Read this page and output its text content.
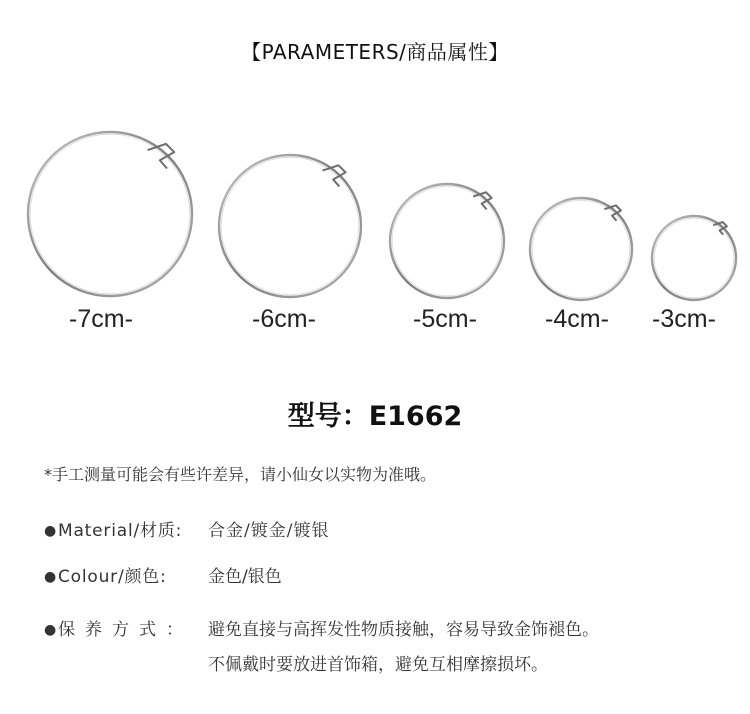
【PARAMETERS/商品属性】
-7cm-	-6cm-	-5cm-	-4cm- -3cm-
型号：E1662
*手工测量可能会有些许差异，请小仙女以实物为准哦。
● Material/材质: 合金/镀金/镀银
● Colour/颜色: 金色/银色
● 保养方式： 避免直接与高挥发性物质接触，容易导致金饰褪色。
不佩戴时要放进首饰箱，避免互相摩擦损坏。
